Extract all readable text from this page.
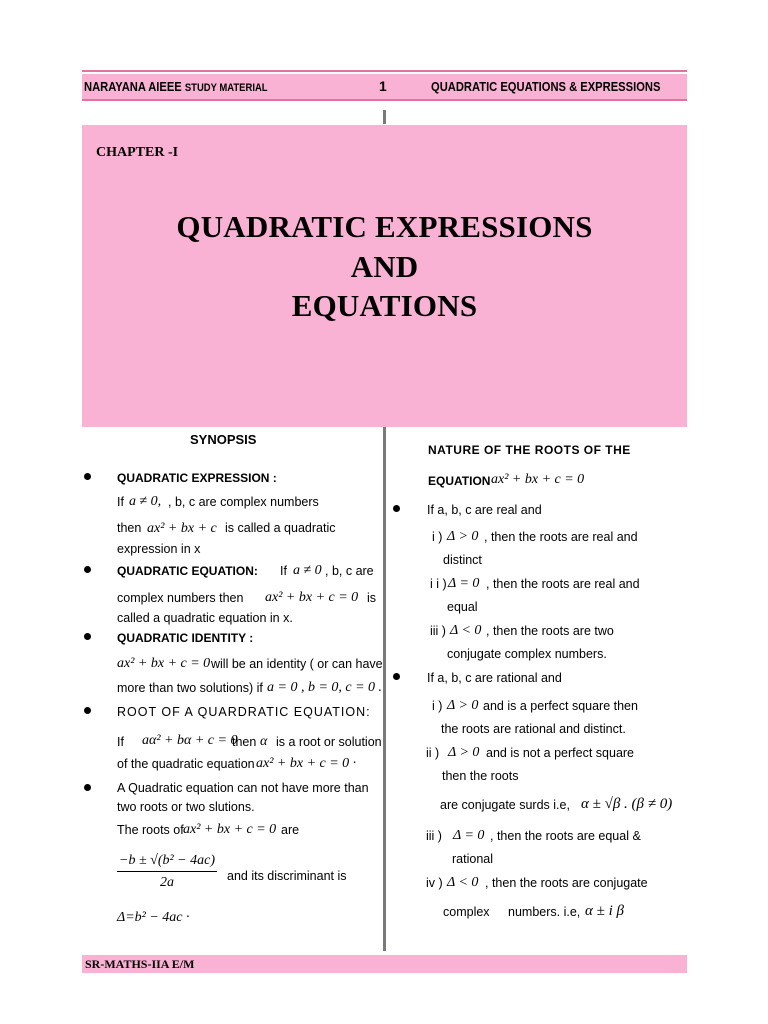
NARAYANA AIEEE STUDY MATERIAL	1	QUADRATIC EQUATIONS & EXPRESSIONS
CHAPTER -I
QUADRATIC EXPRESSIONS
AND
EQUATIONS
SYNOPSIS
QUADRATIC EXPRESSION :
If a ≠ 0, , b, c are complex numbers
then ax² + bx + c is called a quadratic
expression in x
QUADRATIC EQUATION: If a ≠ 0 , b, c are
complex numbers then ax² + bx + c = 0 is
called a quadratic equation in x.
QUADRATIC IDENTITY :
ax² + bx + c = 0 will be an identity ( or can have
more than two solutions) if a = 0 , b = 0, c = 0 .
ROOT OF A QUARDRATIC EQUATION:
If aα² + bα + c = 0
then α is a root or solution
of the quadratic equation ax² + bx + c = 0 ·
A Quadratic equation can not have more than
two roots or two slutions.
The roots of ax² + bx + c = 0 are
$\frac{\text{−b ± √(b² − 4ac)}}{2a}$ and its discriminant is
Δ=b² − 4ac ·
NATURE OF THE ROOTS OF THE
EQUATION ax² + bx + c = 0
If a, b, c are real and
i ) Δ > 0 , then the roots are real and
distinct
i i ) Δ = 0 , then the roots are real and
equal
iii ) Δ < 0 , then the roots are two
conjugate complex numbers.
If a, b, c are rational and
i ) Δ > 0 and is a perfect square then
the roots are rational and distinct.
ii ) Δ > 0 and is not a perfect square
then the roots
are conjugate surds i.e, α ± √β . (β ≠ 0)
iii ) Δ = 0 , then the roots are equal &
rational
iv ) Δ < 0 , then the roots are conjugate
complex numbers. i.e, α ± i β
SR-MATHS-IIA E/M
